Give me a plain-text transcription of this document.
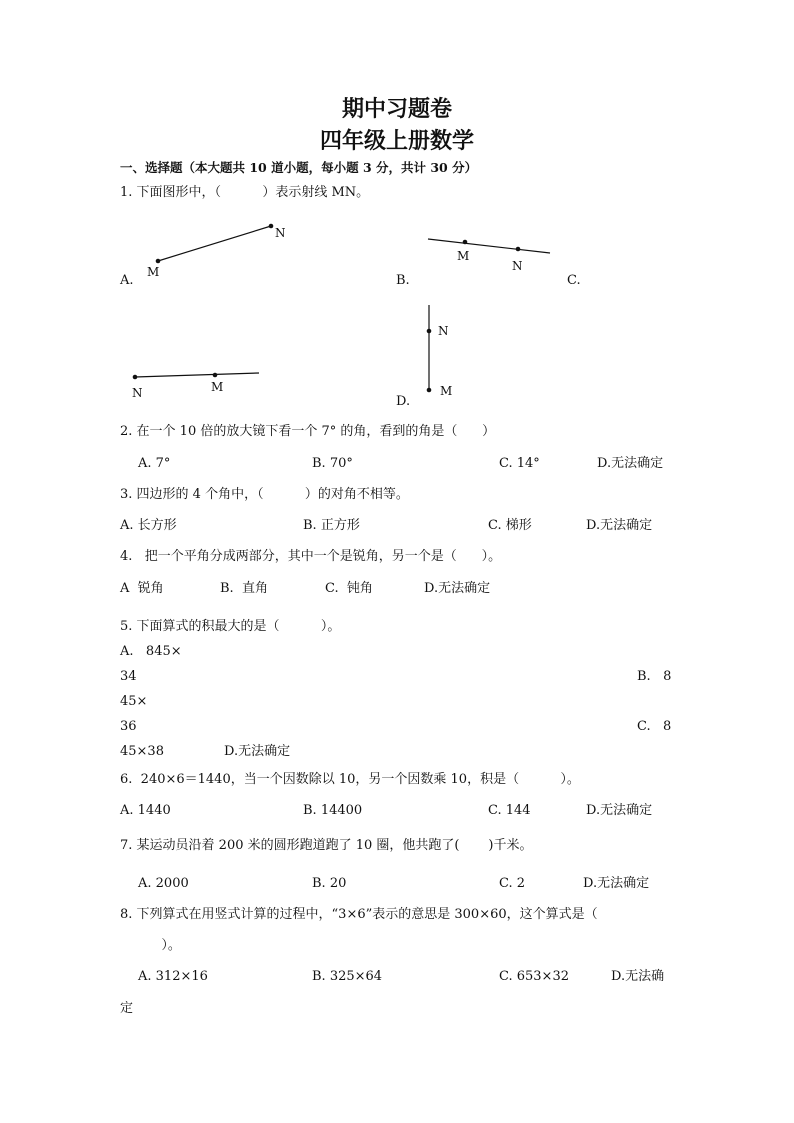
期中习题卷
四年级上册数学
一、选择题（本大题共 10 道小题，每小题 3 分，共计 30 分）
1. 下面图形中，（          ）表示射线 MN。
M
N
M
N
N	M
N
M
A.	B.	C.
D.
2. 在一个 10 倍的放大镜下看一个 7° 的角，看到的角是（      ）
A. 7°	B. 70°	C. 14°	D.无法确定
3. 四边形的 4 个角中，（          ）的对角不相等。
A. 长方形	B. 正方形	C. 梯形	D.无法确定
4.   把一个平角分成两部分，其中一个是锐角，另一个是（      ）。
A  锐角	B.  直角	C.  钝角	D.无法确定
5. 下面算式的积最大的是（          ）。
A.   845×
34	B.   8
45×
36	C.   8
45×38	D.无法确定
6.  240×6＝1440，当一个因数除以 10，另一个因数乘 10，积是（          ）。
A. 1440	B. 14400	C. 144	D.无法确定
7. 某运动员沿着 200 米的圆形跑道跑了 10 圈，他共跑了(       )千米。
A. 2000	B. 20	C. 2	D.无法确定
8. 下列算式在用竖式计算的过程中，“3×6”表示的意思是 300×60，这个算式是（
）。
A. 312×16	B. 325×64	C. 653×32	D.无法确
定
